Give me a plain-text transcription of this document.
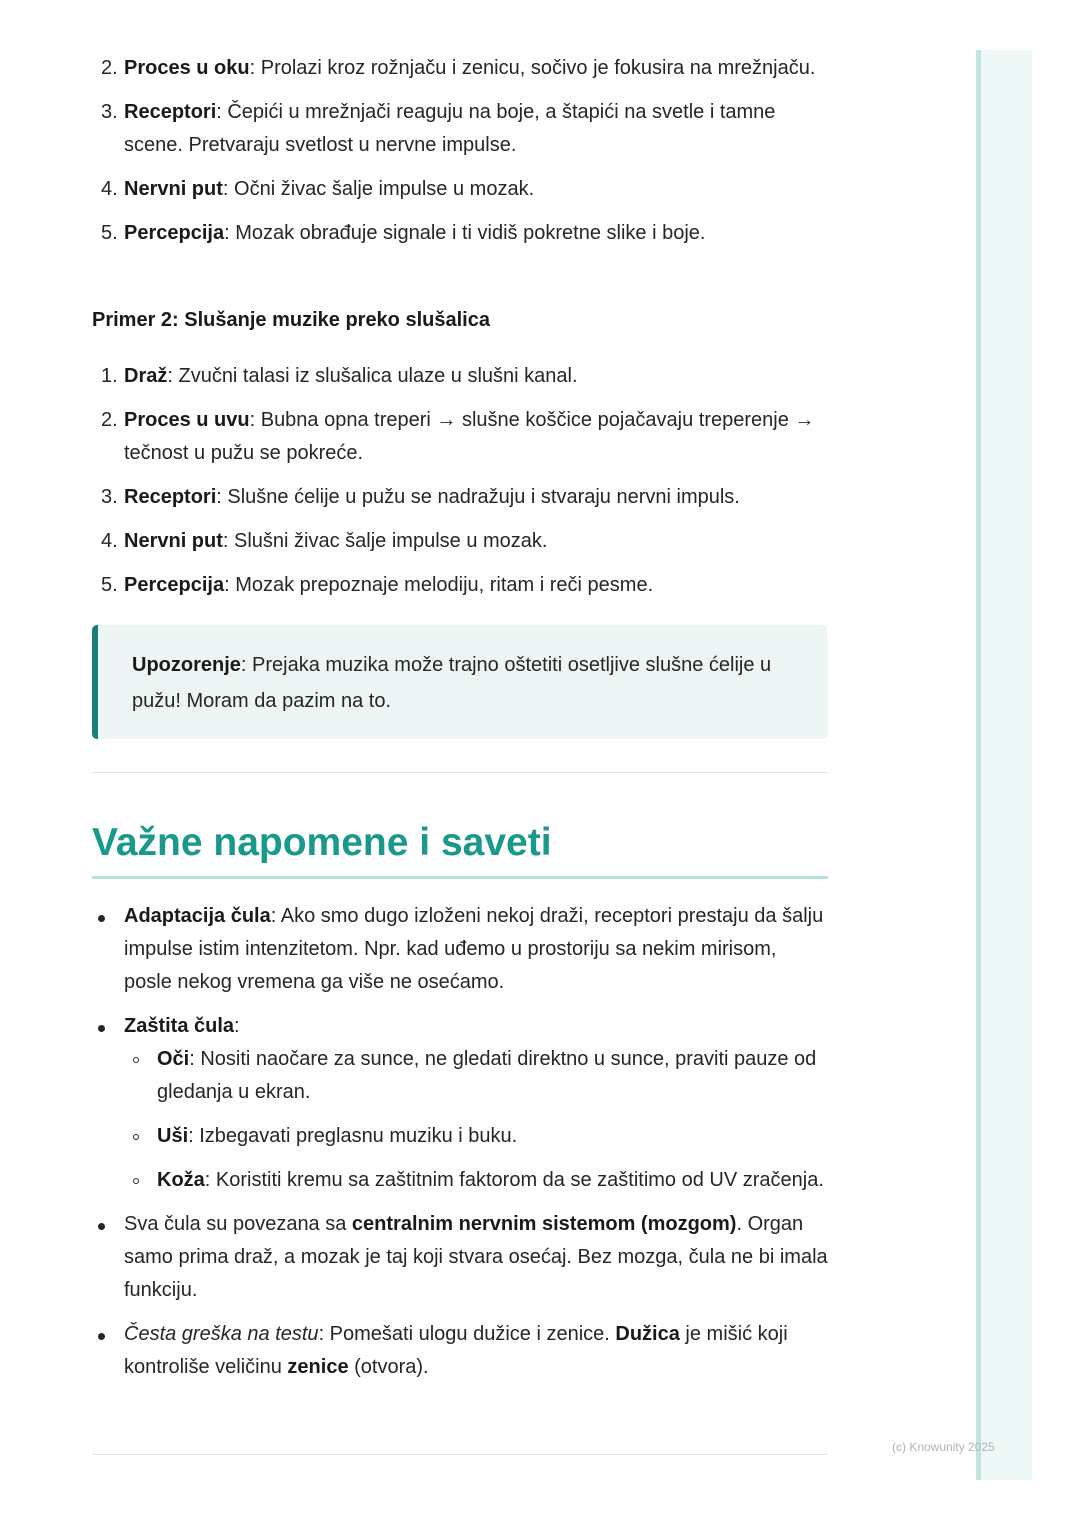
2. Proces u oku: Prolazi kroz rožnjaču i zenicu, sočivo je fokusira na mrežnjaču.
3. Receptori: Čepići u mrežnjači reaguju na boje, a štapići na svetle i tamne scene. Pretvaraju svetlost u nervne impulse.
4. Nervni put: Očni živac šalje impulse u mozak.
5. Percepcija: Mozak obrađuje signale i ti vidiš pokretne slike i boje.
Primer 2: Slušanje muzike preko slušalica
1. Draž: Zvučni talasi iz slušalica ulaze u slušni kanal.
2. Proces u uvu: Bubna opna treperi → slušne koščice pojačavaju treperenje → tečnost u pužu se pokreće.
3. Receptori: Slušne ćelije u pužu se nadražuju i stvaraju nervni impuls.
4. Nervni put: Slušni živac šalje impulse u mozak.
5. Percepcija: Mozak prepoznaje melodiju, ritam i reči pesme.
Upozorenje: Prejaka muzika može trajno oštetiti osetljive slušne ćelije u pužu! Moram da pazim na to.
Važne napomene i saveti
Adaptacija čula: Ako smo dugo izloženi nekoj draži, receptori prestaju da šalju impulse istim intenzitetom. Npr. kad uđemo u prostoriju sa nekim mirisom, posle nekog vremena ga više ne osećamo.
Zaštita čula:
Oči: Nositi naočare za sunce, ne gledati direktno u sunce, praviti pauze od gledanja u ekran.
Uši: Izbegavati preglasnu muziku i buku.
Koža: Koristiti kremu sa zaštitnim faktorom da se zaštitimo od UV zračenja.
Sva čula su povezana sa centralnim nervnim sistemom (mozgom). Organ samo prima draž, a mozak je taj koji stvara osećaj. Bez mozga, čula ne bi imala funkciju.
Česta greška na testu: Pomešati ulogu dužice i zenice. Dužica je mišić koji kontroliše veličinu zenice (otvora).
(c) Knowunity 2025
